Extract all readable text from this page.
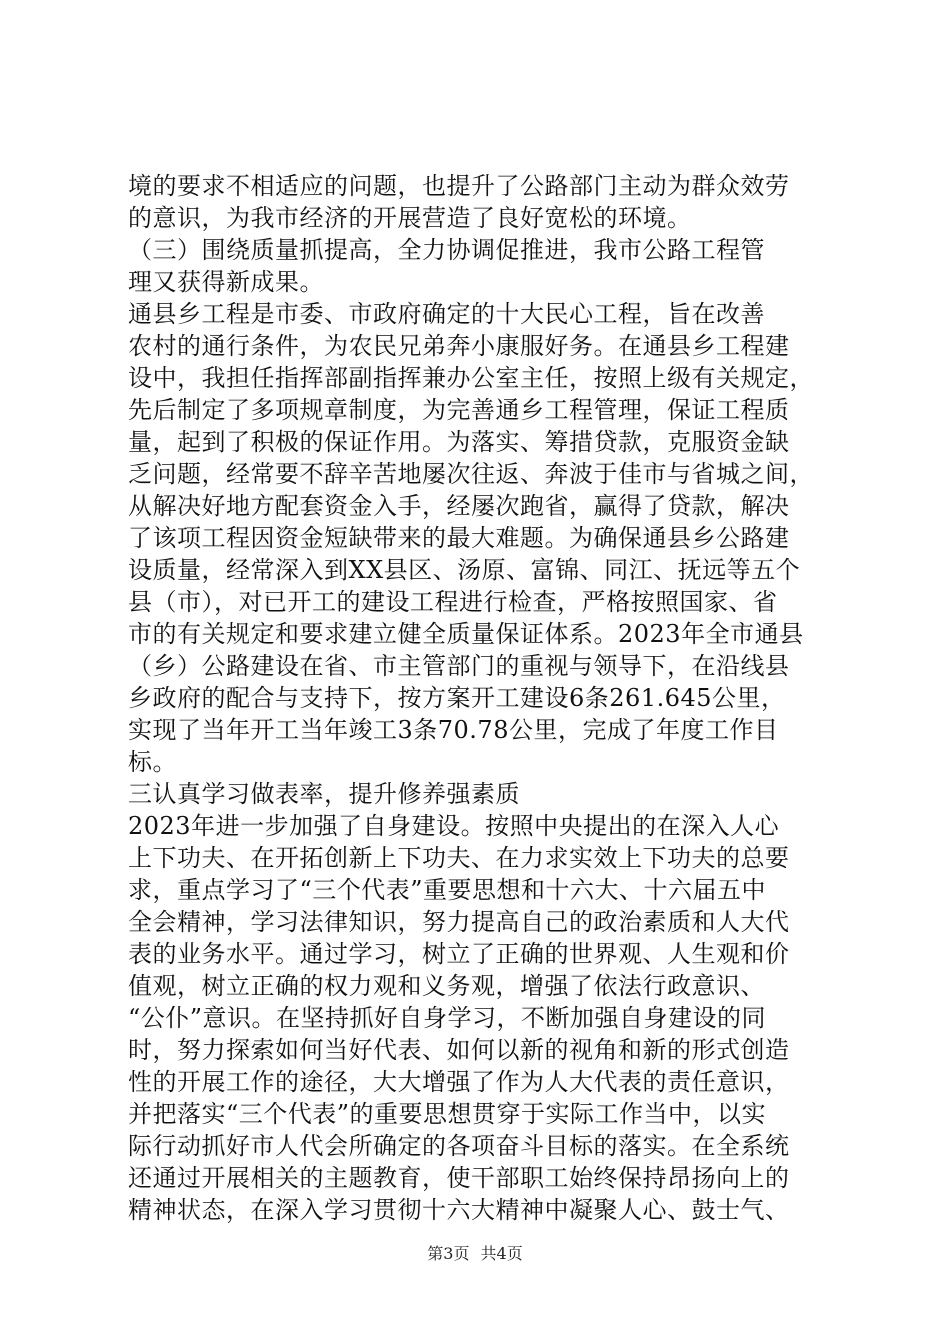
境的要求不相适应的问题，也提升了公路部门主动为群众效劳
的意识，为我市经济的开展营造了良好宽松的环境。
（三）围绕质量抓提高，全力协调促推进，我市公路工程管
理又获得新成果。
通县乡工程是市委、市政府确定的十大民心工程，旨在改善
农村的通行条件，为农民兄弟奔小康服好务。在通县乡工程建
设中，我担任指挥部副指挥兼办公室主任，按照上级有关规定，
先后制定了多项规章制度，为完善通乡工程管理，保证工程质
量，起到了积极的保证作用。为落实、筹措贷款，克服资金缺
乏问题，经常要不辞辛苦地屡次往返、奔波于佳市与省城之间，
从解决好地方配套资金入手，经屡次跑省，赢得了贷款，解决
了该项工程因资金短缺带来的最大难题。为确保通县乡公路建
设质量，经常深入到XX县区、汤原、富锦、同江、抚远等五个
县（市），对已开工的建设工程进行检查，严格按照国家、省
市的有关规定和要求建立健全质量保证体系。2023年全市通县
（乡）公路建设在省、市主管部门的重视与领导下，在沿线县
乡政府的配合与支持下，按方案开工建设6条261.645公里，
实现了当年开工当年竣工3条70.78公里，完成了年度工作目
标。
三认真学习做表率，提升修养强素质
2023年进一步加强了自身建设。按照中央提出的在深入人心
上下功夫、在开拓创新上下功夫、在力求实效上下功夫的总要
求，重点学习了“三个代表”重要思想和十六大、十六届五中
全会精神，学习法律知识，努力提高自己的政治素质和人大代
表的业务水平。通过学习，树立了正确的世界观、人生观和价
值观，树立正确的权力观和义务观，增强了依法行政意识、
“公仆”意识。在坚持抓好自身学习，不断加强自身建设的同
时，努力探索如何当好代表、如何以新的视角和新的形式创造
性的开展工作的途径，大大增强了作为人大代表的责任意识，
并把落实“三个代表”的重要思想贯穿于实际工作当中，以实
际行动抓好市人代会所确定的各项奋斗目标的落实。在全系统
还通过开展相关的主题教育，使干部职工始终保持昂扬向上的
精神状态，在深入学习贯彻十六大精神中凝聚人心、鼓士气、
第3页 共4页
